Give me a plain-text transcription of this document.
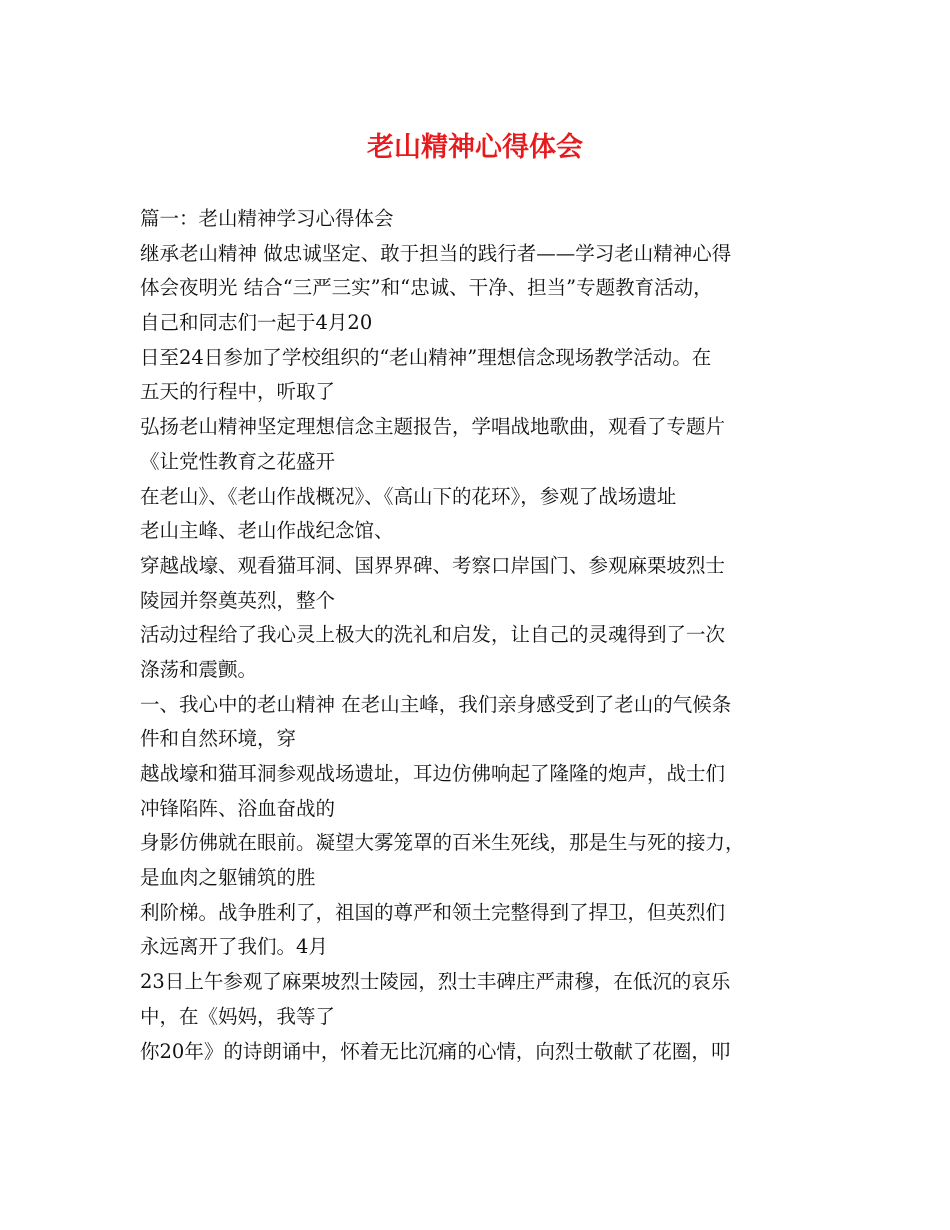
老山精神心得体会
篇一：老山精神学习心得体会
继承老山精神 做忠诚坚定、敢于担当的践行者——学习老山精神心得
体会夜明光 结合“三严三实”和“忠诚、干净、担当”专题教育活动，
自己和同志们一起于4月20
日至24日参加了学校组织的“老山精神”理想信念现场教学活动。在
五天的行程中，听取了
弘扬老山精神坚定理想信念主题报告，学唱战地歌曲，观看了专题片
《让党性教育之花盛开
在老山》、《老山作战概况》、《高山下的花环》，参观了战场遗址
老山主峰、老山作战纪念馆、
穿越战壕、观看猫耳洞、国界界碑、考察口岸国门、参观麻栗坡烈士
陵园并祭奠英烈，整个
活动过程给了我心灵上极大的洗礼和启发，让自己的灵魂得到了一次
涤荡和震颤。
一、我心中的老山精神 在老山主峰，我们亲身感受到了老山的气候条
件和自然环境，穿
越战壕和猫耳洞参观战场遗址，耳边仿佛响起了隆隆的炮声，战士们
冲锋陷阵、浴血奋战的
身影仿佛就在眼前。凝望大雾笼罩的百米生死线，那是生与死的接力，
是血肉之躯铺筑的胜
利阶梯。战争胜利了，祖国的尊严和领土完整得到了捍卫，但英烈们
永远离开了我们。4月
23日上午参观了麻栗坡烈士陵园，烈士丰碑庄严肃穆，在低沉的哀乐
中，在《妈妈，我等了
你20年》的诗朗诵中，怀着无比沉痛的心情，向烈士敬献了花圈，叩
